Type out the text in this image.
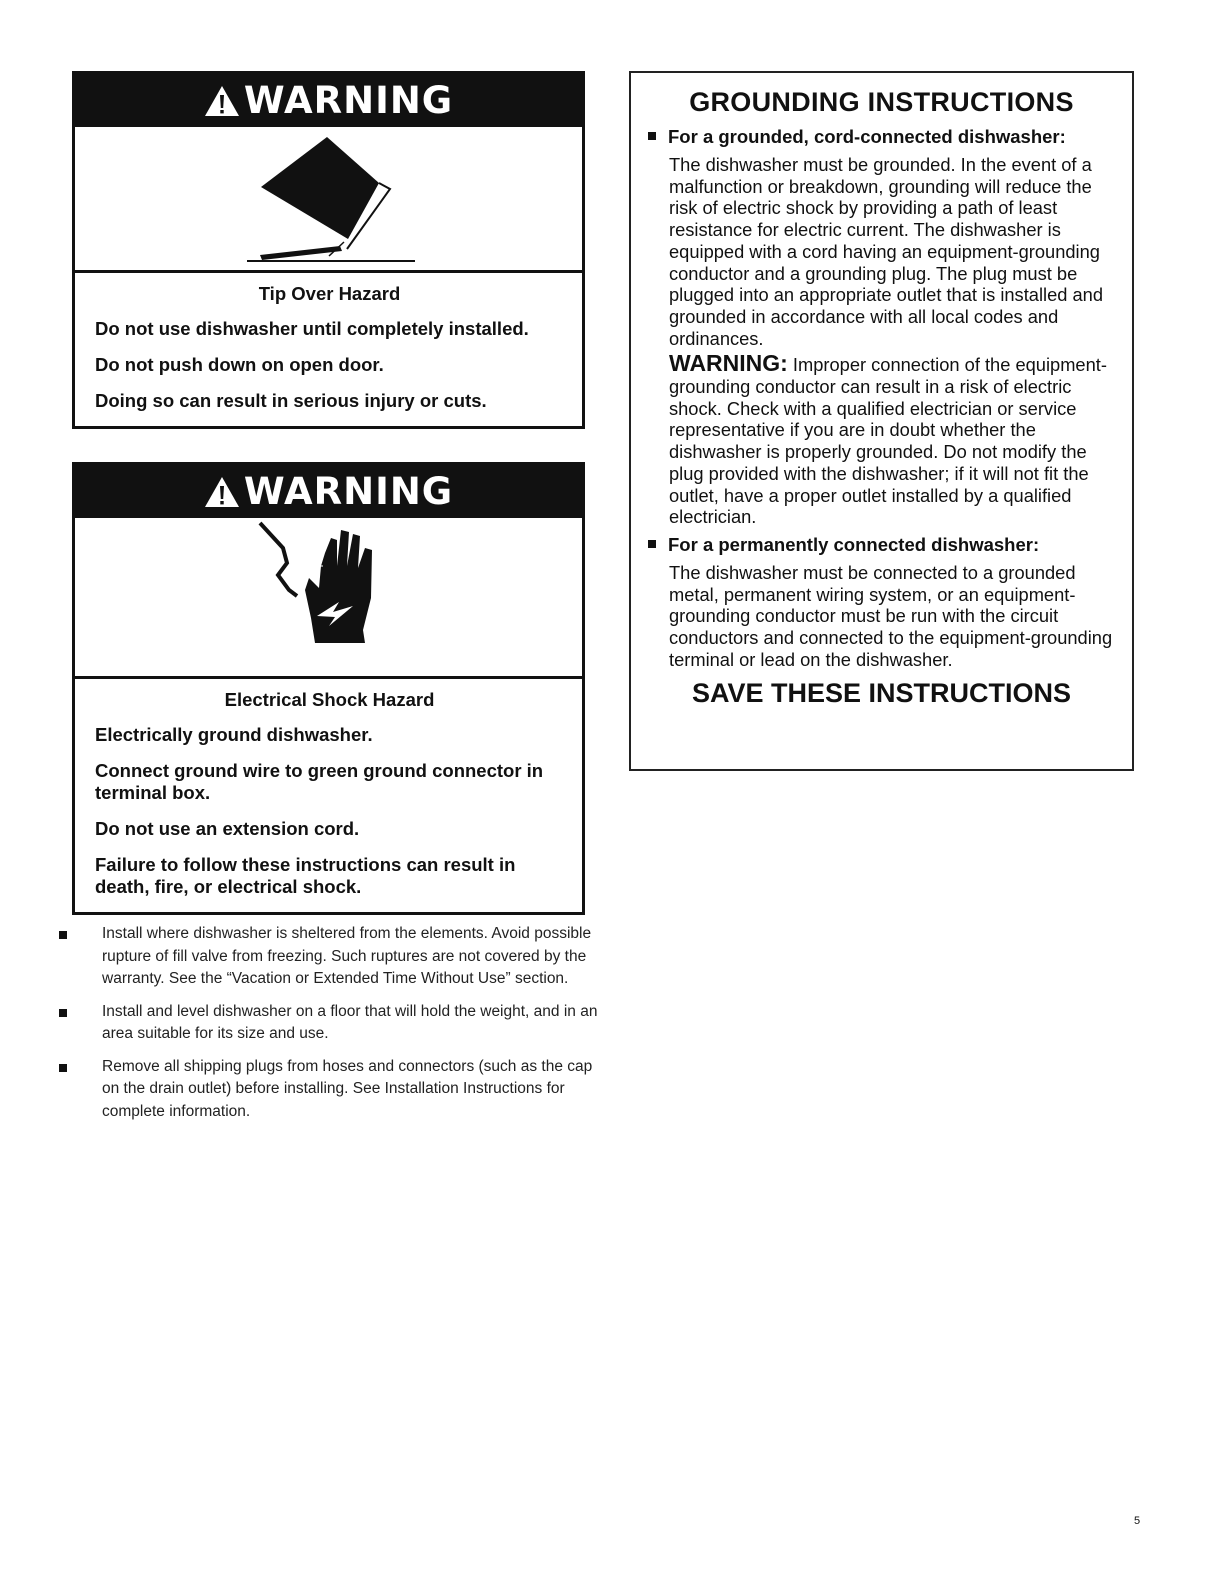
WARNING

Tip Over Hazard

Do not use dishwasher until completely installed.

Do not push down on open door.

Doing so can result in serious injury or cuts.

WARNING

Electrical Shock Hazard

Electrically ground dishwasher.

Connect ground wire to green ground connector in terminal box.

Do not use an extension cord.

Failure to follow these instructions can result in death, fire, or electrical shock.

Install where dishwasher is sheltered from the elements. Avoid possible rupture of fill valve from freezing. Such ruptures are not covered by the warranty. See the “Vacation or Extended Time Without Use” section.
Install and level dishwasher on a floor that will hold the weight, and in an area suitable for its size and use.
Remove all shipping plugs from hoses and connectors (such as the cap on the drain outlet) before installing. See Installation Instructions for complete information.
GROUNDING INSTRUCTIONS
For a grounded, cord-connected dishwasher:

The dishwasher must be grounded. In the event of a malfunction or breakdown, grounding will reduce the risk of electric shock by providing a path of least resistance for electric current. The dishwasher is equipped with a cord having an equipment-grounding conductor and a grounding plug. The plug must be plugged into an appropriate outlet that is installed and grounded in accordance with all local codes and ordinances.

WARNING: Improper connection of the equipment-grounding conductor can result in a risk of electric shock. Check with a qualified electrician or service representative if you are in doubt whether the dishwasher is properly grounded. Do not modify the plug provided with the dishwasher; if it will not fit the outlet, have a proper outlet installed by a qualified electrician.

For a permanently connected dishwasher:

The dishwasher must be connected to a grounded metal, permanent wiring system, or an equipment-grounding conductor must be run with the circuit conductors and connected to the equipment-grounding terminal or lead on the dishwasher.

SAVE THESE INSTRUCTIONS
5
